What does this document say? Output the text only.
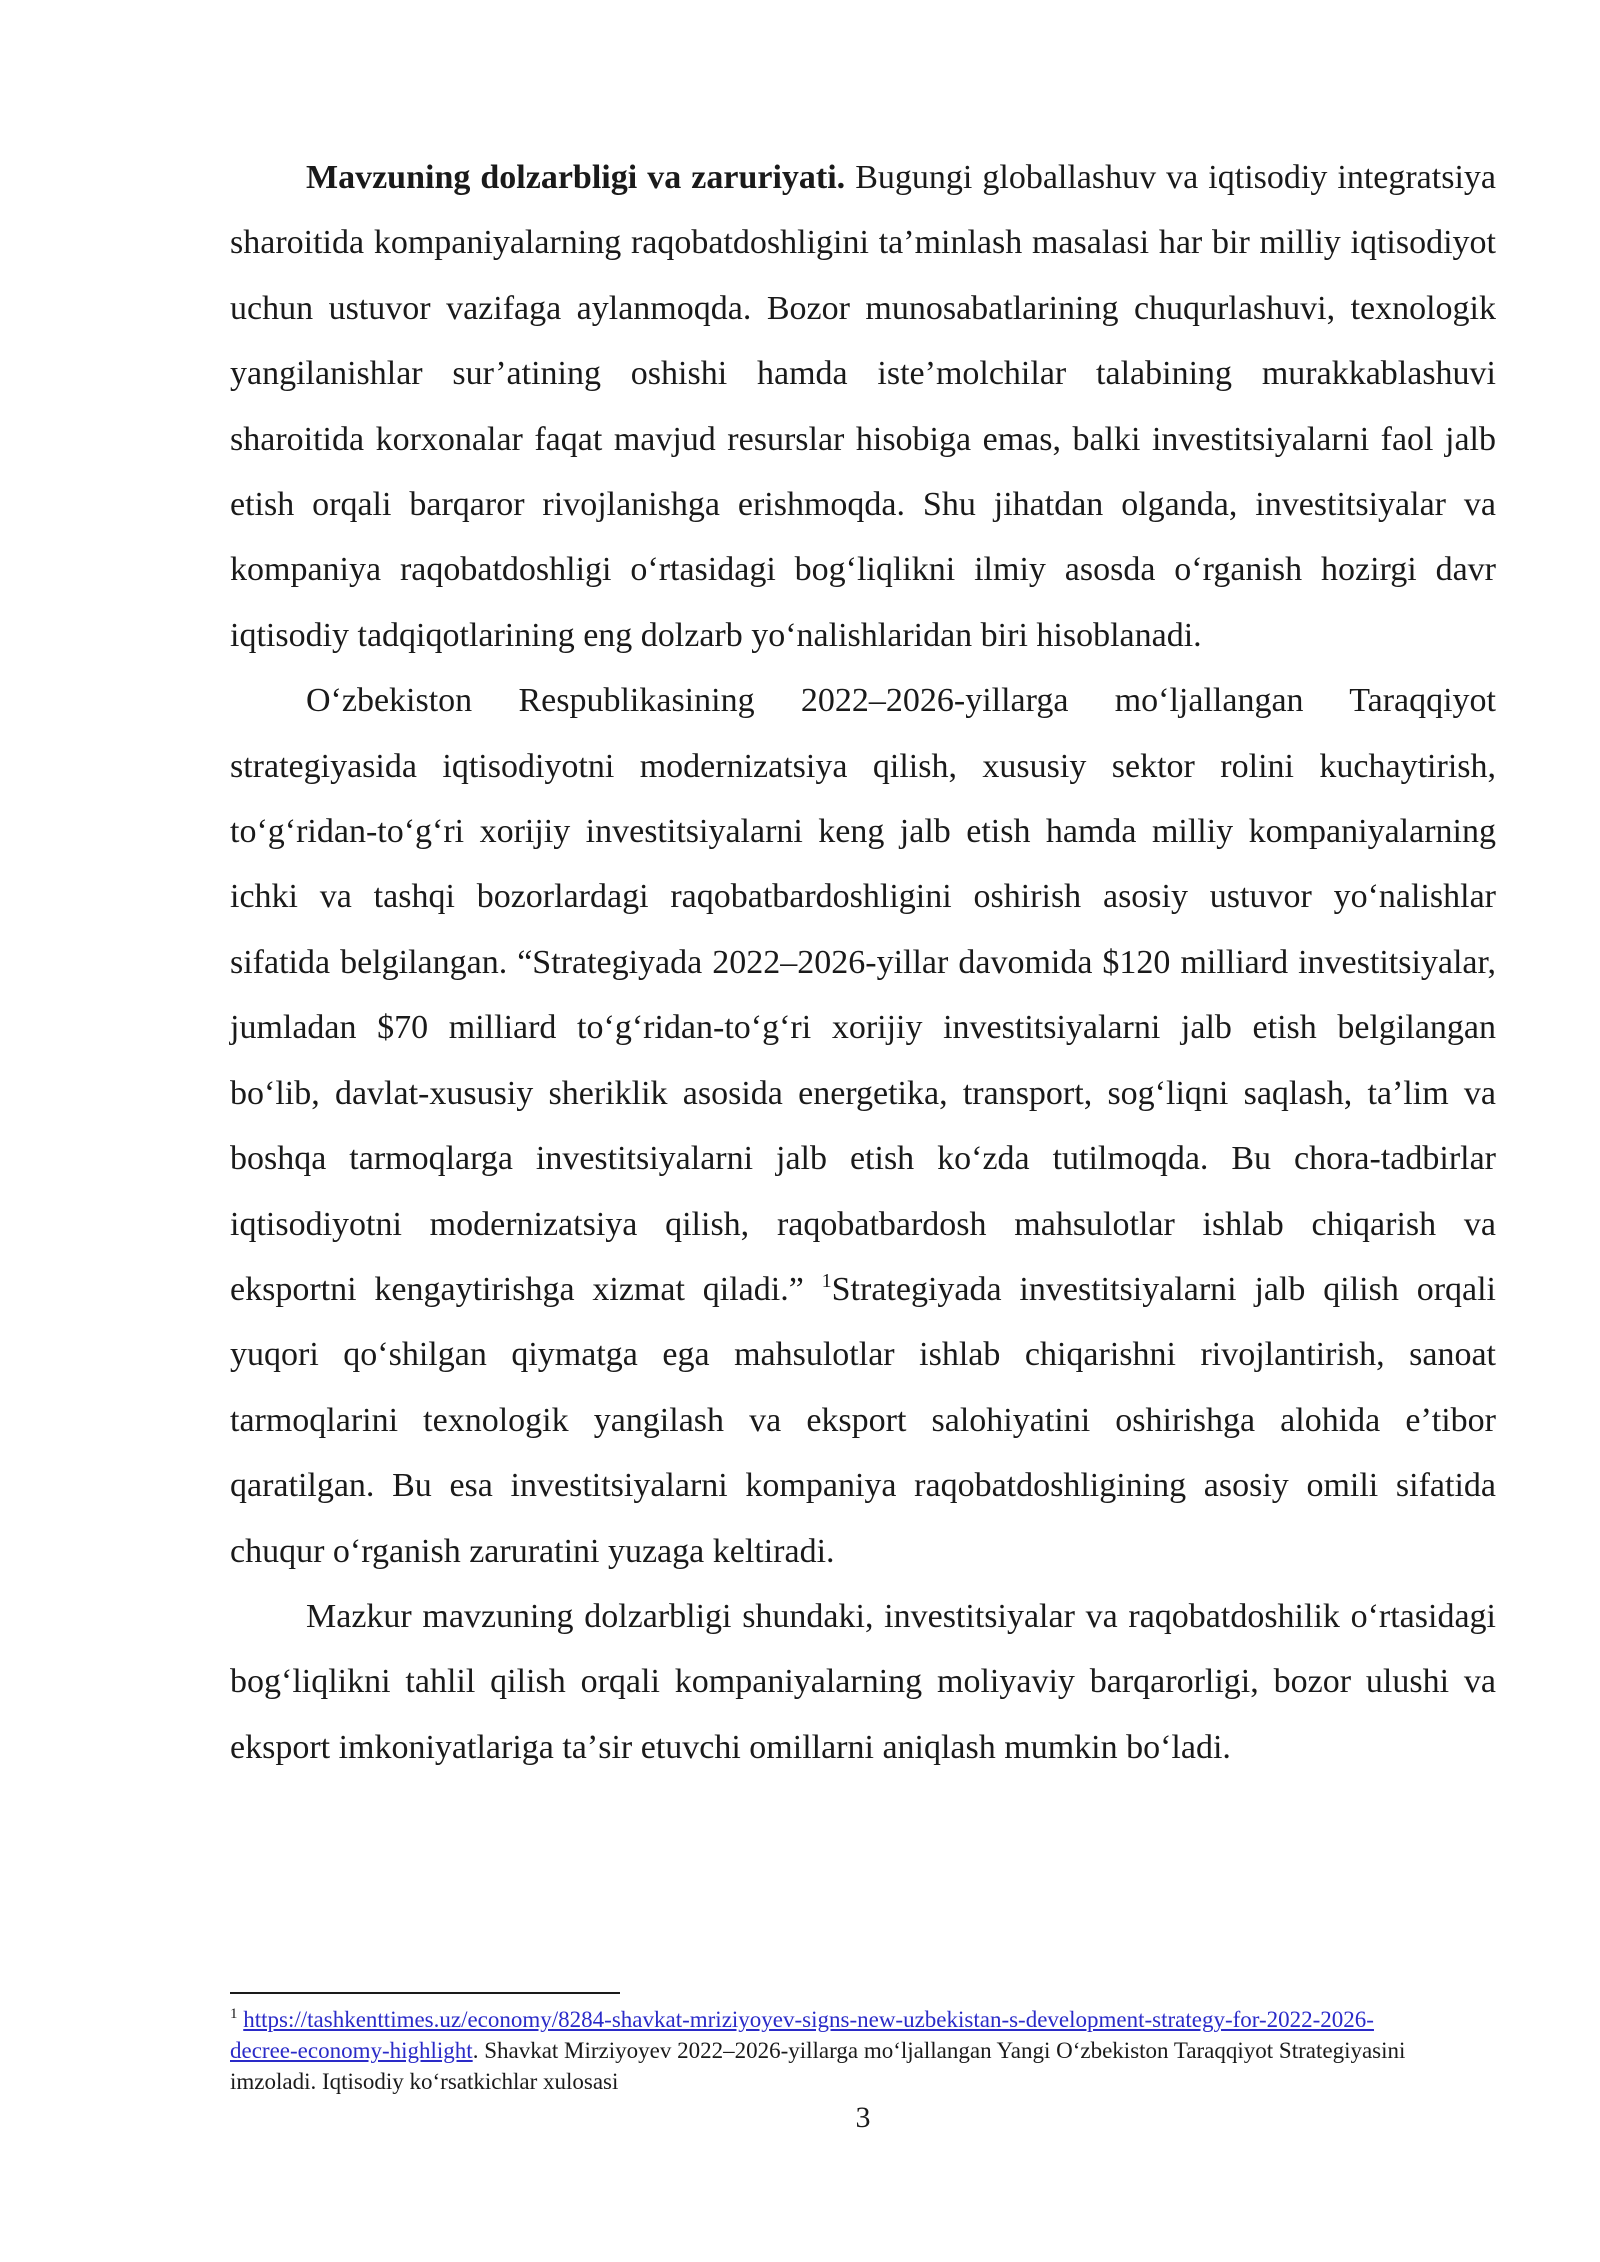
Mavzuning dolzarbligi va zaruriyati. Bugungi globallashuv va iqtisodiy integratsiya sharoitida kompaniyalarning raqobatdoshligini ta’minlash masalasi har bir milliy iqtisodiyot uchun ustuvor vazifaga aylanmoqda. Bozor munosabatlarining chuqurlashuvi, texnologik yangilanishlar sur’atining oshishi hamda iste’molchilar talabining murakkablashuvi sharoitida korxonalar faqat mavjud resurslar hisobiga emas, balki investitsiyalarni faol jalb etish orqali barqaror rivojlanishga erishmoqda. Shu jihatdan olganda, investitsiyalar va kompaniya raqobatdoshligi oʻrtasidagi bogʻliqlikni ilmiy asosda oʻrganish hozirgi davr iqtisodiy tadqiqotlarining eng dolzarb yoʻnalishlaridan biri hisoblanadi.

Oʻzbekiston Respublikasining 2022–2026-yillarga moʻljallangan Taraqqiyot strategiyasida iqtisodiyotni modernizatsiya qilish, xususiy sektor rolini kuchaytirish, toʻgʻridan-toʻgʻri xorijiy investitsiyalarni keng jalb etish hamda milliy kompaniyalarning ichki va tashqi bozorlardagi raqobatbardoshligini oshirish asosiy ustuvor yoʻnalishlar sifatida belgilangan. “Strategiyada 2022–2026-yillar davomida $120 milliard investitsiyalar, jumladan $70 milliard toʻgʻridan-toʻgʻri xorijiy investitsiyalarni jalb etish belgilangan boʻlib, davlat-xususiy sheriklik asosida energetika, transport, sogʻliqni saqlash, taʼlim va boshqa tarmoqlarga investitsiyalarni jalb etish koʻzda tutilmoqda. Bu chora-tadbirlar iqtisodiyotni modernizatsiya qilish, raqobatbardosh mahsulotlar ishlab chiqarish va eksportni kengaytirishga xizmat qiladi.” $^1$Strategiyada investitsiyalarni jalb qilish orqali yuqori qoʻshilgan qiymatga ega mahsulotlar ishlab chiqarishni rivojlantirish, sanoat tarmoqlarini texnologik yangilash va eksport salohiyatini oshirishga alohida eʼtibor qaratilgan. Bu esa investitsiyalarni kompaniya raqobatdoshligining asosiy omili sifatida chuqur oʻrganish zaruratini yuzaga keltiradi.

Mazkur mavzuning dolzarbligi shundaki, investitsiyalar va raqobatdoshilik oʻrtasidagi bogʻliqlikni tahlil qilish orqali kompaniyalarning moliyaviy barqarorligi, bozor ulushi va eksport imkoniyatlariga taʼsir etuvchi omillarni aniqlash mumkin boʻladi.

$^1$ https://tashkenttimes.uz/economy/8284-shavkat-mriziyoyev-signs-new-uzbekistan-s-development-strategy-for-2022-2026-decree-economy-highlight. Shavkat Mirziyoyev 2022–2026-yillarga moʻljallangan Yangi Oʻzbekiston Taraqqiyot Strategiyasini imzoladi. Iqtisodiy koʻrsatkichlar xulosasi

3
